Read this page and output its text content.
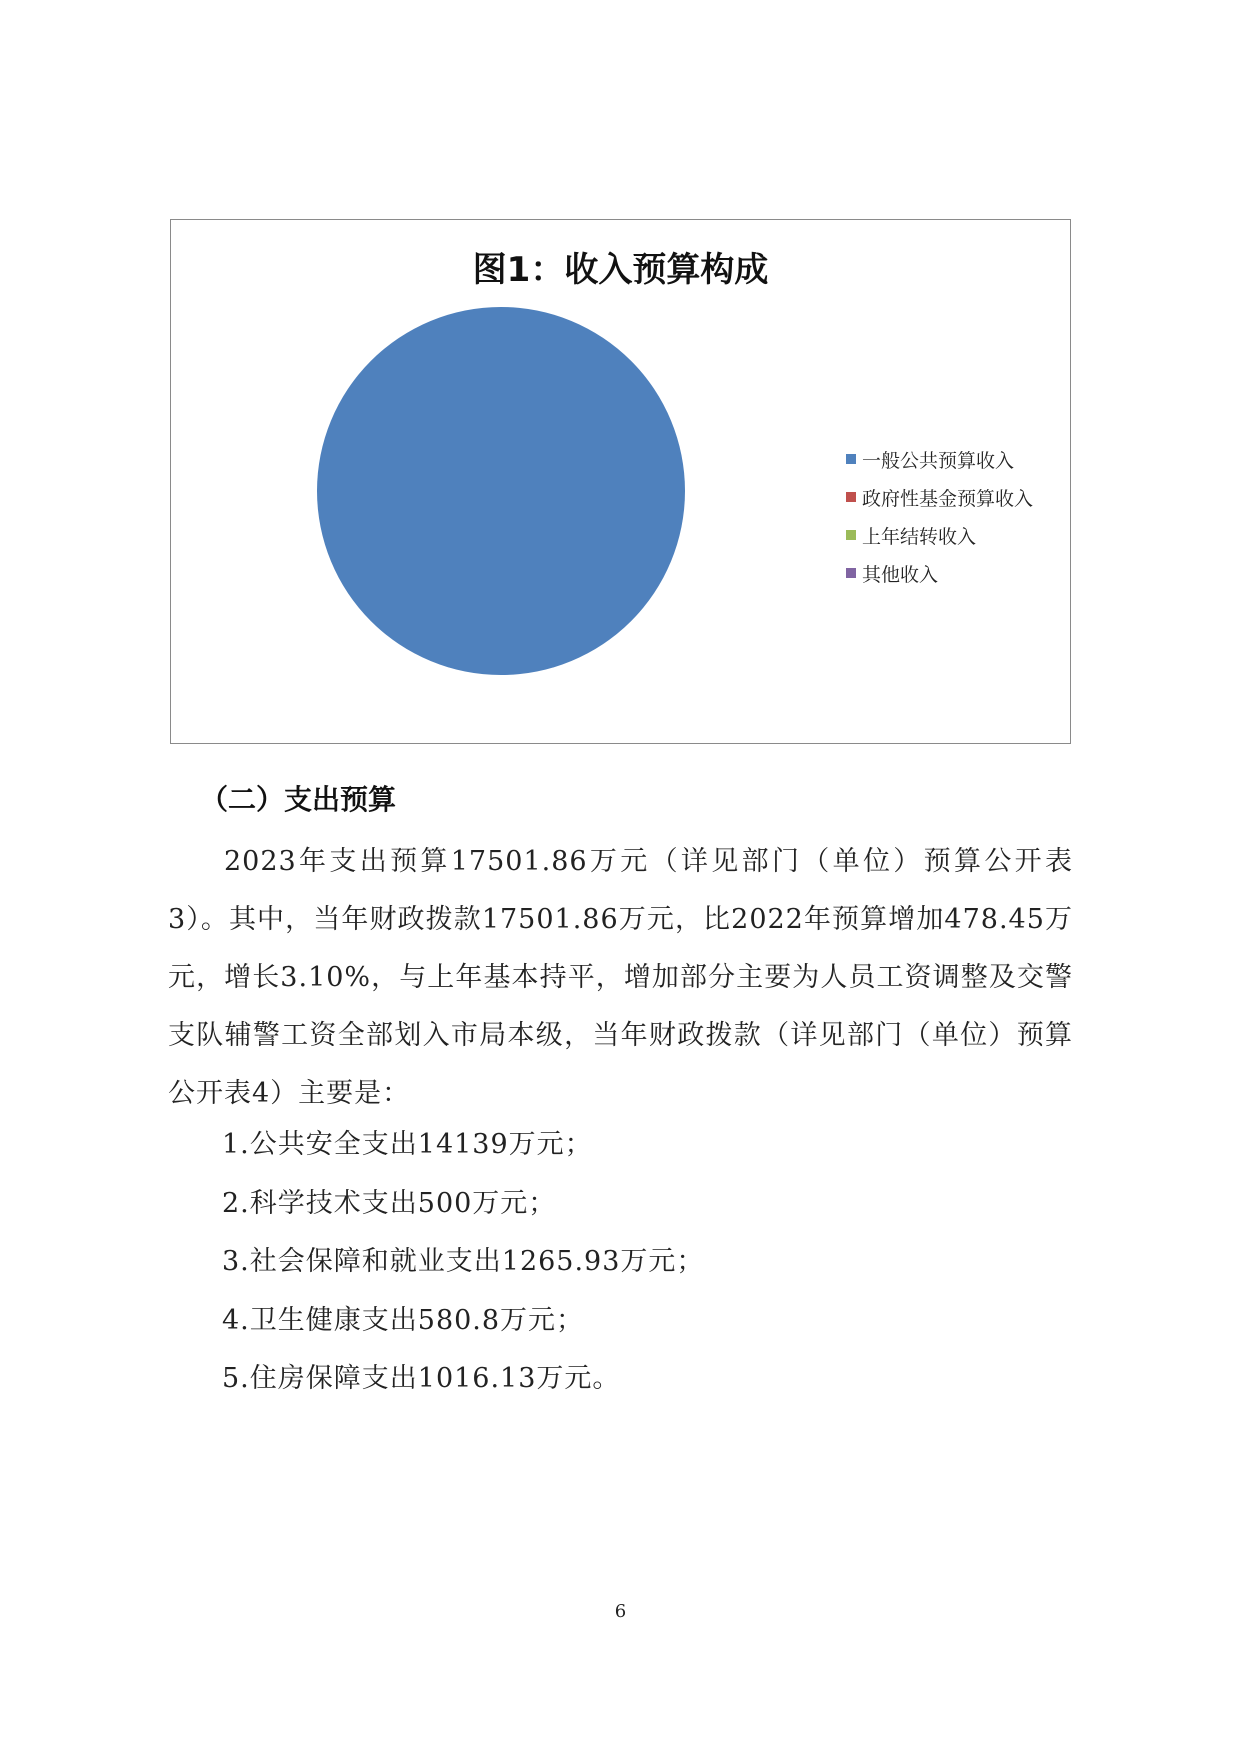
图1：收入预算构成
一般公共预算收入
政府性基金预算收入
上年结转收入
其他收入
（二）支出预算

2023年支出预算17501.86万元（详见部门（单位）预算公开表3）。其中，当年财政拨款17501.86万元，比2022年预算增加478.45万元，增长3.10%，与上年基本持平，增加部分主要为人员工资调整及交警支队辅警工资全部划入市局本级，当年财政拨款（详见部门（单位）预算公开表4）主要是：

1.公共安全支出14139万元；
2.科学技术支出500万元；
3.社会保障和就业支出1265.93万元；
4.卫生健康支出580.8万元；
5.住房保障支出1016.13万元。
6
